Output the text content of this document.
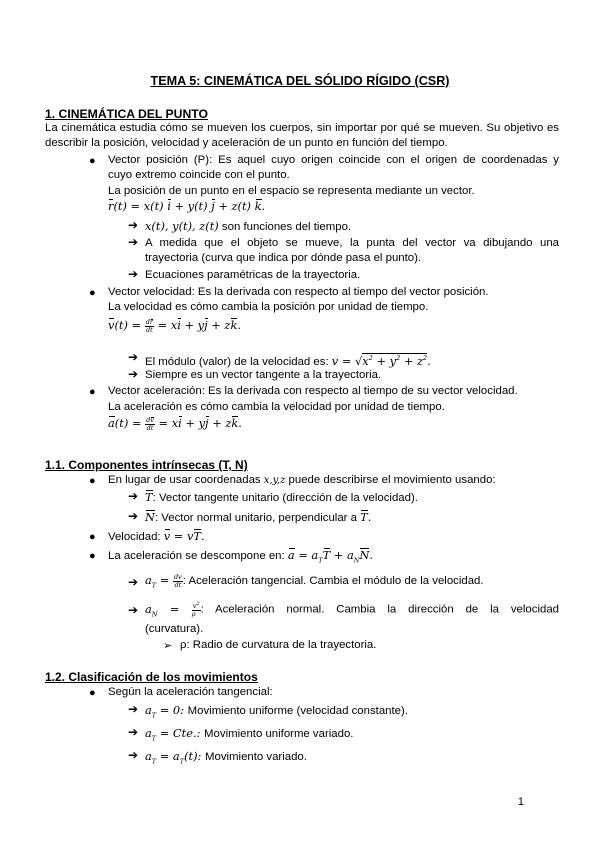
TEMA 5: CINEMÁTICA DEL SÓLIDO RÍGIDO (CSR)
1. CINEMÁTICA DEL PUNTO
La cinemática estudia cómo se mueven los cuerpos, sin importar por qué se mueven. Su objetivo es describir la posición, velocidad y aceleración de un punto en función del tiempo.
● Vector posición (P): Es aquel cuyo origen coincide con el origen de coordenadas y
cuyo extremo coincide con el punto.
La posición de un punto en el espacio se representa mediante un vector.
r(t) = x(t) i + y(t) j + z(t) k.
➔ x(t), y(t), z(t) son funciones del tiempo.
➔ A medida que el objeto se mueve, la punta del vector va dibujando una
trayectoria (curva que indica por dónde pasa el punto).
➔ Ecuaciones paramétricas de la trayectoria.
● Vector velocidad: Es la derivada con respecto al tiempo del vector posición.
La velocidad es cómo cambia la posición por unidad de tiempo.
$v(t) = \frac{dr}{dt}$ = xi + yj + zk.
➔ El módulo (valor) de la velocidad es: $v = √x^2 + y^2 + z^2$.
➔ Siempre es un vector tangente a la trayectoria.
● Vector aceleración: Es la derivada con respecto al tiempo de su vector velocidad.
La aceleración es cómo cambia la velocidad por unidad de tiempo.
$a(t) = \frac{dv}{dt}$ = xi + yj + zk.
1.1. Componentes intrínsecas (T, N)
● En lugar de usar coordenadas x,y,z puede describirse el movimiento usando:
➔ T: Vector tangente unitario (dirección de la velocidad).
➔ N: Vector normal unitario, perpendicular a T.
● Velocidad: v = vT.
● La aceleración se descompone en: $a = a_TT + a_NN$.
➔ $a_T = \frac{dv}{dt}$ : Aceleración tangencial. Cambia el módulo de la velocidad.
➔ $a_N = \frac{v^2}{\rho}$ : Aceleración normal. Cambia la dirección de la velocidad
(curvatura).
➢ ρ: Radio de curvatura de la trayectoria.
1.2. Clasificación de los movimientos
● Según la aceleración tangencial:
➔ $a_T = 0$: Movimiento uniforme (velocidad constante).
➔ $a_T$ = Cte.: Movimiento uniforme variado.
➔ $a_T = a_T(t)$: Movimiento variado.
1
